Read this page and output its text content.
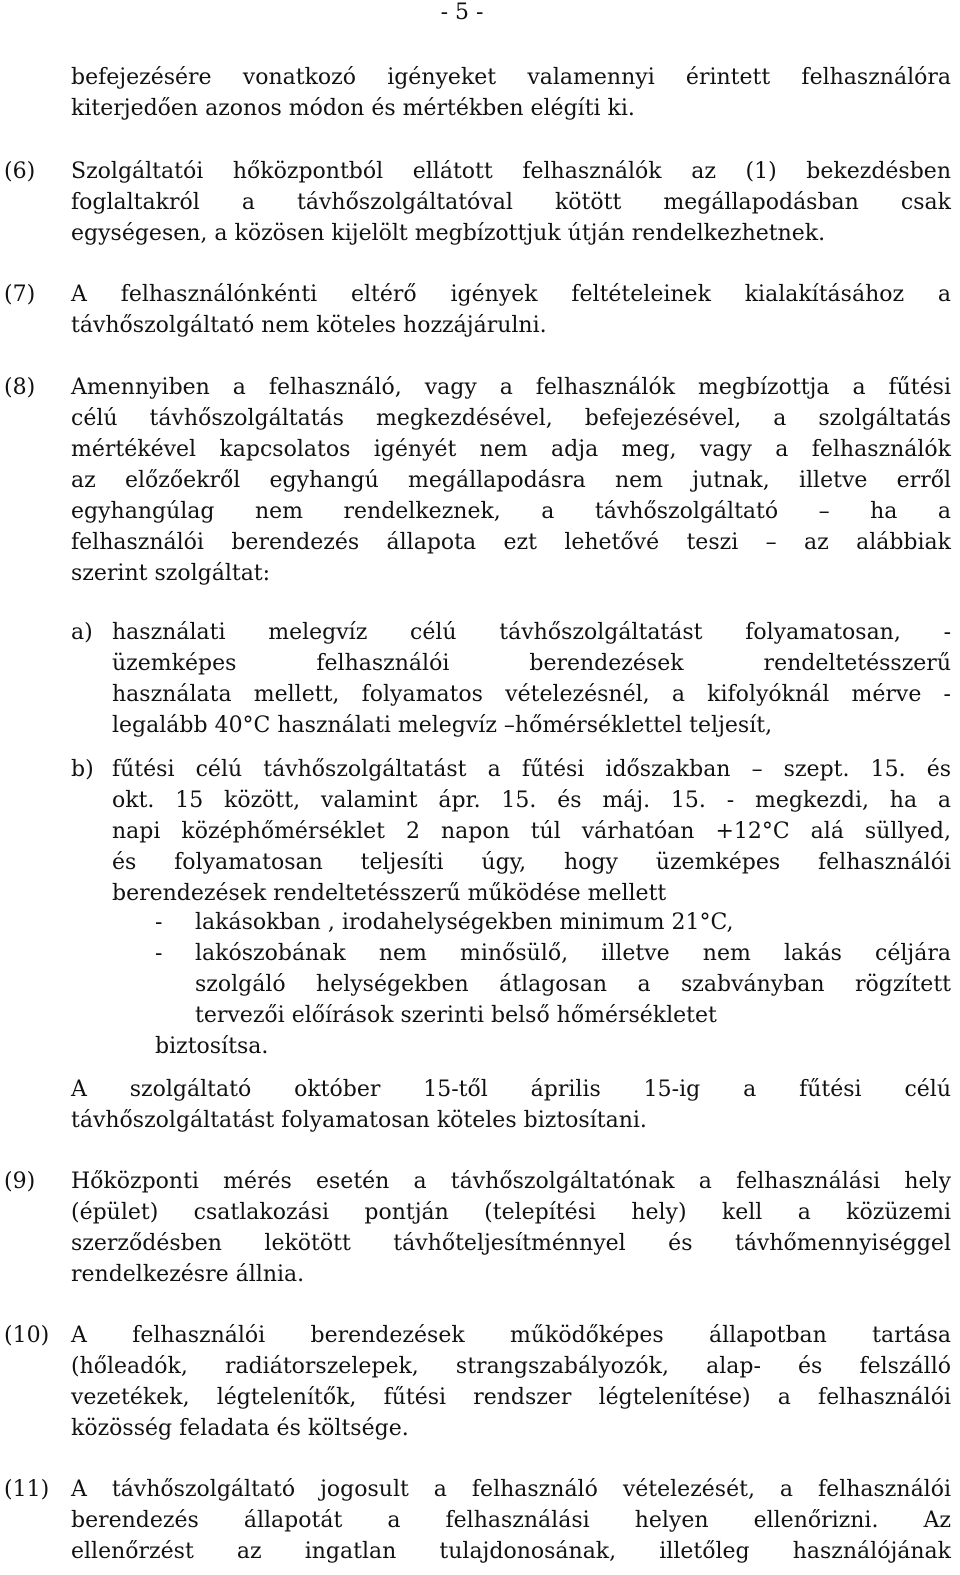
- 5 -
befejezésére vonatkozó igényeket valamennyi érintett felhasználóra
kiterjedően azonos módon és mértékben elégíti ki.
(6) Szolgáltatói hőközpontból ellátott felhasználók az (1) bekezdésben
foglaltakról a távhőszolgáltatóval kötött megállapodásban csak
egységesen, a közösen kijelölt megbízottjuk útján rendelkezhetnek.
(7) A felhasználónkénti eltérő igények feltételeinek kialakításához a
távhőszolgáltató nem köteles hozzájárulni.
(8) Amennyiben a felhasználó, vagy a felhasználók megbízottja a fűtési
célú távhőszolgáltatás megkezdésével, befejezésével, a szolgáltatás
mértékével kapcsolatos igényét nem adja meg, vagy a felhasználók
az előzőekről egyhangú megállapodásra nem jutnak, illetve erről
egyhangúlag nem rendelkeznek, a távhőszolgáltató – ha a
felhasználói berendezés állapota ezt lehetővé teszi – az alábbiak
szerint szolgáltat:
a) használati melegvíz célú távhőszolgáltatást folyamatosan, -
üzemképes felhasználói berendezések rendeltetésszerű
használata mellett, folyamatos vételezésnél, a kifolyóknál mérve -
legalább 40°C használati melegvíz –hőmérséklettel teljesít,
b) fűtési célú távhőszolgáltatást a fűtési időszakban – szept. 15. és
okt. 15 között, valamint ápr. 15. és máj. 15. - megkezdi, ha a
napi középhőmérséklet 2 napon túl várhatóan +12°C alá süllyed,
és folyamatosan teljesíti úgy, hogy üzemképes felhasználói
berendezések rendeltetésszerű működése mellett
- lakásokban , irodahelységekben minimum 21°C,
- lakószobának nem minősülő, illetve nem lakás céljára
szolgáló helységekben átlagosan a szabványban rögzített
tervezői előírások szerinti belső hőmérsékletet
biztosítsa.
A szolgáltató október 15-től április 15-ig a fűtési célú
távhőszolgáltatást folyamatosan köteles biztosítani.
(9) Hőközponti mérés esetén a távhőszolgáltatónak a felhasználási hely
(épület) csatlakozási pontján (telepítési hely) kell a közüzemi
szerződésben lekötött távhőteljesítménnyel és távhőmennyiséggel
rendelkezésre állnia.
(10) A felhasználói berendezések működőképes állapotban tartása
(hőleadók, radiátorszelepek, strangszabályozók, alap- és felszálló
vezetékek, légtelenítők, fűtési rendszer légtelenítése) a felhasználói
közösség feladata és költsége.
(11) A távhőszolgáltató jogosult a felhasználó vételezését, a felhasználói
berendezés állapotát a felhasználási helyen ellenőrizni. Az
ellenőrzést az ingatlan tulajdonosának, illetőleg használójának
